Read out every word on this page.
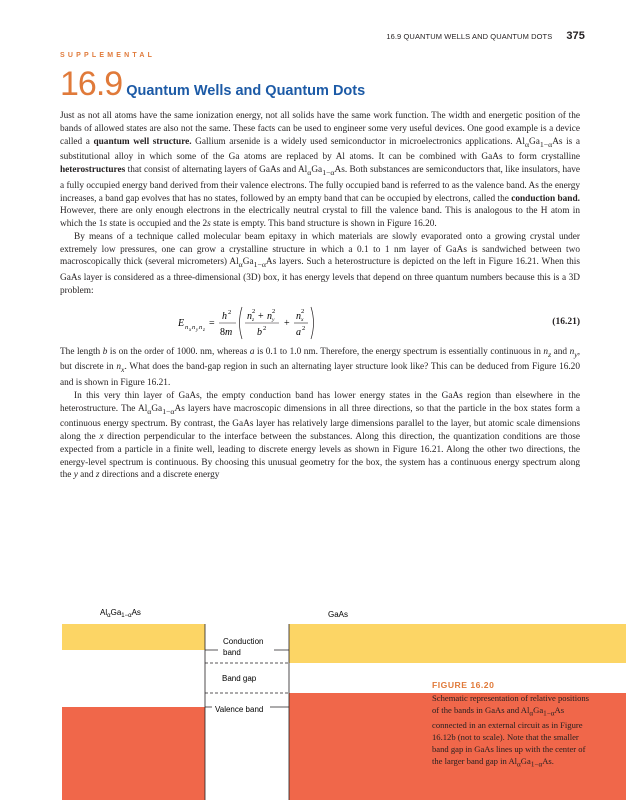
16.9 QUANTUM WELLS AND QUANTUM DOTS 375
SUPPLEMENTAL
16.9 Quantum Wells and Quantum Dots

Just as not all atoms have the same ionization energy, not all solids have the same work function. The width and energetic position of the bands of allowed states are also not the same. These facts can be used to engineer some very useful devices. One good example is a device called a quantum well structure. Gallium arsenide is a widely used semiconductor in microelectronics applications. $Al_\alpha Ga_{1-\alpha}As$ is a substitutional alloy in which some of the Ga atoms are replaced by Al atoms. It can be combined with GaAs to form crystalline heterostructures that consist of alternating layers of GaAs and $Al_\alpha Ga_{1-\alpha}As$. Both substances are semiconductors that, like insulators, have a fully occupied energy band derived from their valence electrons. The fully occupied band is referred to as the valence band. As the energy increases, a band gap evolves that has no states, followed by an empty band that can be occupied by electrons, called the conduction band. However, there are only enough electrons in the electrically neutral crystal to fill the valence band. This is analogous to the H atom in which the 1s state is occupied and the 2s state is empty. This band structure is shown in Figure 16.20.

By means of a technique called molecular beam epitaxy in which materials are slowly evaporated onto a growing crystal under extremely low pressures, one can grow a crystalline structure in which a 0.1 to 1 nm layer of GaAs is sandwiched between two macroscopically thick (several micrometers) $Al_\alpha Ga_{1-\alpha}As$ layers. Such a heterostructure is depicted on the left in Figure 16.21. When this GaAs layer is considered as a three-dimensional (3D) box, it has energy levels that depend on three quantum numbers because this is a 3D problem:

E n x n y n z
=
h 2
8 m
n 2
z + n 2
y
b 2 +
n 2
x
a 2
(16.21)

The length b is on the order of 1000. nm, whereas a is 0.1 to 1.0 nm. Therefore, the energy spectrum is essentially continuous in $n_z$ and $n_y$, but discrete in $n_x$. What does the band-gap region in such an alternating layer structure look like? This can be deduced from Figure 16.20 and is shown in Figure 16.21.

In this very thin layer of GaAs, the empty conduction band has lower energy states in the GaAs region than elsewhere in the heterostructure. The $Al_\alpha Ga_{1-\alpha}As$ layers have macroscopic dimensions in all three directions, so that the particle in the box states form a continuous energy spectrum. By contrast, the GaAs layer has relatively large dimensions parallel to the layer, but atomic scale dimensions along the x direction perpendicular to the interface between the substances. Along this direction, the quantization conditions are those expected from a particle in a finite well, leading to discrete energy levels as shown in Figure 16.21. Along the other two directions, the energy-level spectrum is continuous. By choosing this unusual geometry for the box, the system has a continuous energy spectrum along the y and z directions and a discrete energy

$Al_\alpha Ga_{1-\alpha}As$	GaAs
Conduction
band
Band gap
Valence band
FIGURE 16.20
Schematic representation of relative positions of the bands in GaAs and $Al_\alpha Ga_{1-\alpha}As$ connected in an external circuit as in Figure 16.12b (not to scale). Note that the smaller band gap in GaAs lines up with the center of the larger band gap in $Al_\alpha Ga_{1-\alpha}As$.
